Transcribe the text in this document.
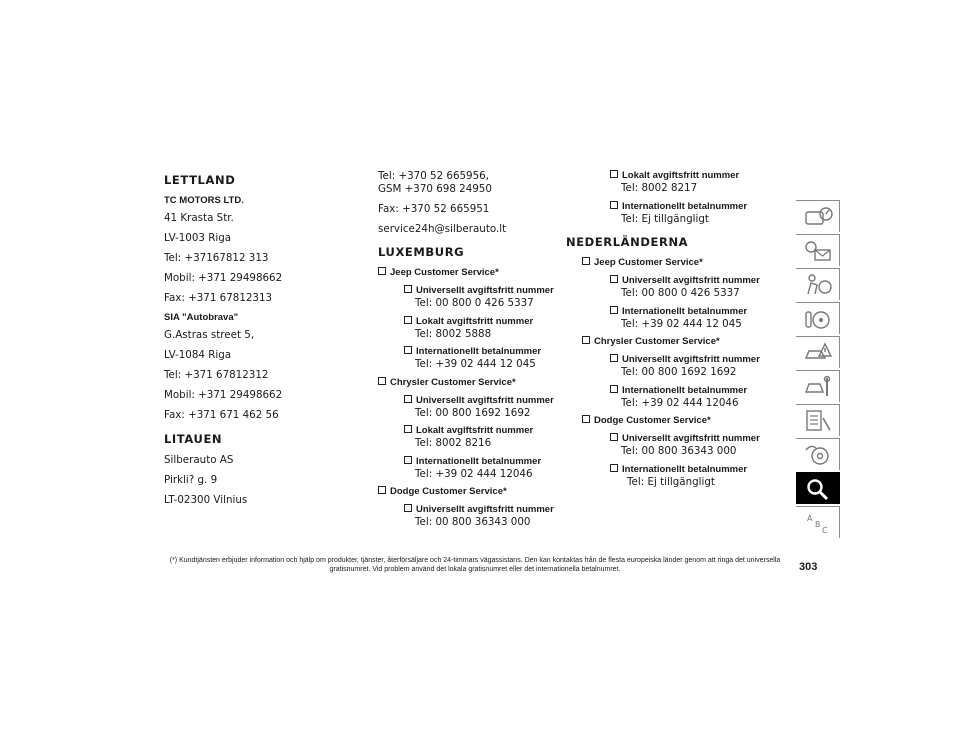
LETTLAND
TC MOTORS LTD.
41 Krasta Str.
LV-1003 Riga
Tel: +37167812 313
Mobil: +371 29498662
Fax: +371 67812313
SIA "Autobrava"
G.Astras street 5,
LV-1084 Riga
Tel: +371 67812312
Mobil: +371 29498662
Fax: +371 671 462 56
LITAUEN
Silberauto AS
Pirkli? g. 9
LT-02300 Vilnius
Tel: +370 52 665956,
GSM +370 698 24950
Fax: +370 52 665951
service24h@silberauto.lt
LUXEMBURG
Jeep Customer Service*
Universellt avgiftsfritt nummer
Tel: 00 800 0 426 5337
Lokalt avgiftsfritt nummer
Tel: 8002 5888
Internationellt betalnummer
Tel: +39 02 444 12 045
Chrysler Customer Service*
Universellt avgiftsfritt nummer
Tel: 00 800 1692 1692
Lokalt avgiftsfritt nummer
Tel: 8002 8216
Internationellt betalnummer
Tel: +39 02 444 12046
Dodge Customer Service*
Universellt avgiftsfritt nummer
Tel: 00 800 36343 000
Lokalt avgiftsfritt nummer
Tel: 8002 8217
Internationellt betalnummer
Tel: Ej tillgängligt
NEDERLÄNDERNA
Jeep Customer Service*
Universellt avgiftsfritt nummer
Tel: 00 800 0 426 5337
Internationellt betalnummer
Tel: +39 02 444 12 045
Chrysler Customer Service*
Universellt avgiftsfritt nummer
Tel: 00 800 1692 1692
Internationellt betalnummer
Tel: +39 02 444 12046
Dodge Customer Service*
Universellt avgiftsfritt nummer
Tel: 00 800 36343 000
Internationellt betalnummer
Tel: Ej tillgängligt
A
B
C
(*) Kundtjänsten erbjuder information och hjälp om produkter, tjänster, återförsäljare och 24-timmars vägassistans. Den kan kontaktas från de flesta europeiska länder genom att ringa det universella gratisnumret. Vid problem använd det lokala gratisnumret eller det internationella betalnumret.	303
